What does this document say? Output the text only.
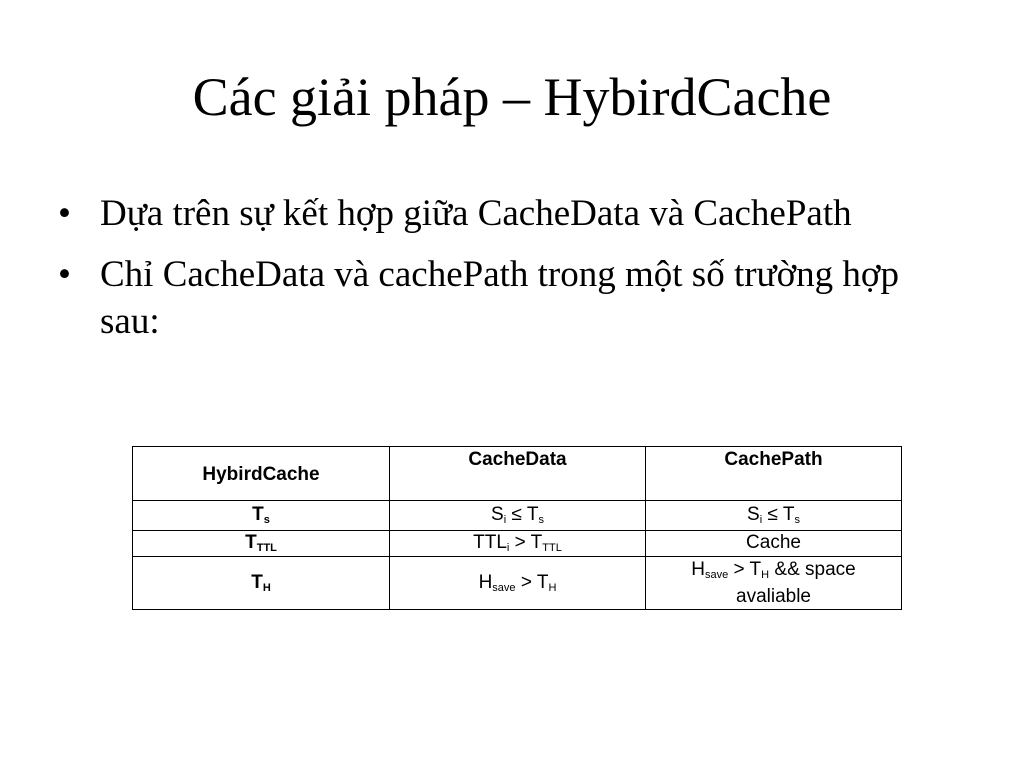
Các giải pháp – HybirdCache
• Dựa trên sự kết hợp giữa CacheData và CachePath
• Chỉ CacheData và cachePath trong một số trường hợp sau:
HybirdCache	CacheData	CachePath
$T_s$	$S_i \le T_s$	$S_i \le T_s$
$T_{TTL}$	$TTL_i > T_{TTL}$	Cache
$T_H$	$H_{save} > T_H$	$H_{save} > T_H$ && space
avaliable
